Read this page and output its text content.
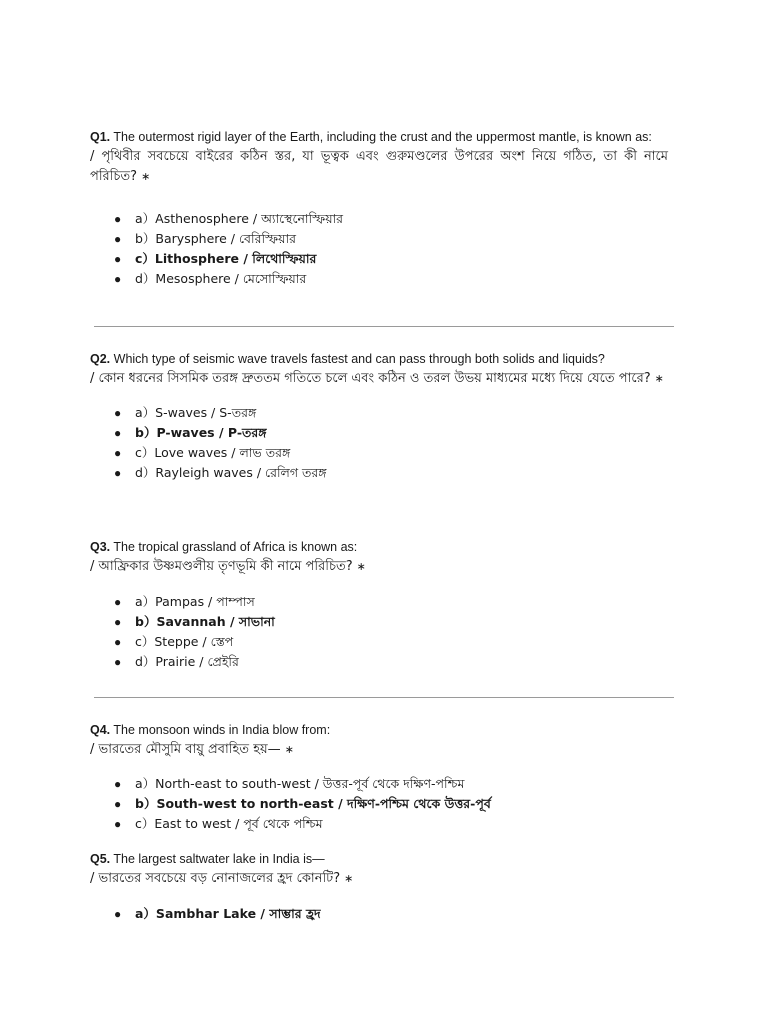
Q1. The outermost rigid layer of the Earth, including the crust and the uppermost mantle, is known as:
/ পৃথিবীর সবচেয়ে বাইরের কঠিন স্তর, যা ভূত্বক এবং গুরুমণ্ডলের উপরের অংশ নিয়ে গঠিত, তা কী নামে পরিচিত? ∗
● a）Asthenosphere / অ্যাস্থেনোস্ফিয়ার
● b）Barysphere / বেরিস্ফিয়ার
● c）Lithosphere / লিথোস্ফিয়ার
● d）Mesosphere / মেসোস্ফিয়ার
Q2. Which type of seismic wave travels fastest and can pass through both solids and liquids?
/ কোন ধরনের সিসমিক তরঙ্গ দ্রুততম গতিতে চলে এবং কঠিন ও তরল উভয় মাধ্যমের মধ্যে দিয়ে যেতে পারে? ∗
● a）S-waves / S-তরঙ্গ
● b）P-waves / P-তরঙ্গ
● c）Love waves / লাভ তরঙ্গ
● d）Rayleigh waves / রেলিগ তরঙ্গ
Q3. The tropical grassland of Africa is known as:
/ আফ্রিকার উষ্ণমণ্ডলীয় তৃণভূমি কী নামে পরিচিত? ∗
● a）Pampas / পাম্পাস
● b）Savannah / সাভানা
● c）Steppe / স্তেপ
● d）Prairie / প্রেইরি
Q4. The monsoon winds in India blow from:
/ ভারতের মৌসুমি বায়ু প্রবাহিত হয়— ∗
● a）North-east to south-west / উত্তর-পূর্ব থেকে দক্ষিণ-পশ্চিম
● b）South-west to north-east / দক্ষিণ-পশ্চিম থেকে উত্তর-পূর্ব
● c）East to west / পূর্ব থেকে পশ্চিম
Q5. The largest saltwater lake in India is—
/ ভারতের সবচেয়ে বড় নোনাজলের হ্রদ কোনটি? ∗
● a）Sambhar Lake / সাম্ভার হ্রদ
